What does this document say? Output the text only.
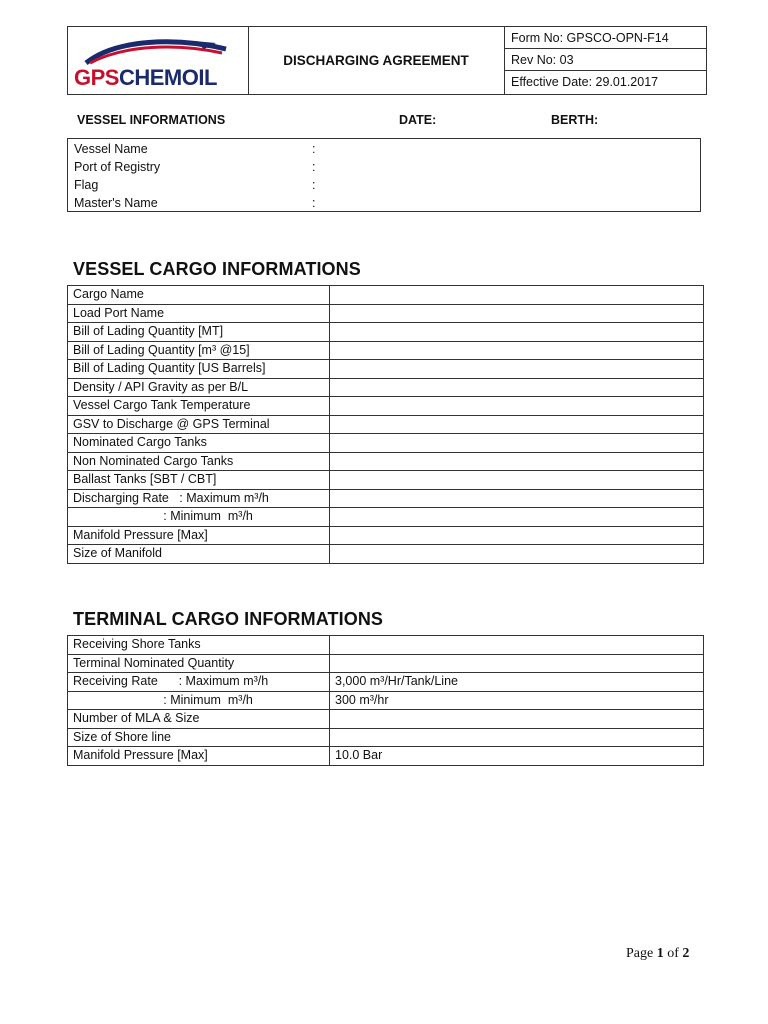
GPSCHEMOIL
DISCHARGING AGREEMENT
Form No: GPSCO-OPN-F14
Rev No: 03
Effective Date: 29.01.2017
VESSEL INFORMATIONS	DATE:	BERTH:
Vessel Name	:
Port of Registry	:
Flag	:
Master's Name	:
VESSEL CARGO INFORMATIONS
Cargo Name	
Load Port Name	
Bill of Lading Quantity [MT]	
Bill of Lading Quantity [m³ @15]	
Bill of Lading Quantity [US Barrels]	
Density / API Gravity as per B/L	
Vessel Cargo Tank Temperature	
GSV to Discharge @ GPS Terminal	
Nominated Cargo Tanks	
Non Nominated Cargo Tanks	
Ballast Tanks [SBT / CBT]	
Discharging Rate   : Maximum m³/h	
: Minimum  m³/h	
Manifold Pressure [Max]	
Size of Manifold	
TERMINAL CARGO INFORMATIONS
Receiving Shore Tanks	
Terminal Nominated Quantity	
Receiving Rate      : Maximum m³/h	3,000 m³/Hr/Tank/Line
: Minimum  m³/h	300 m³/hr
Number of MLA & Size	
Size of Shore line	
Manifold Pressure [Max]	10.0 Bar
Page 1 of 2
